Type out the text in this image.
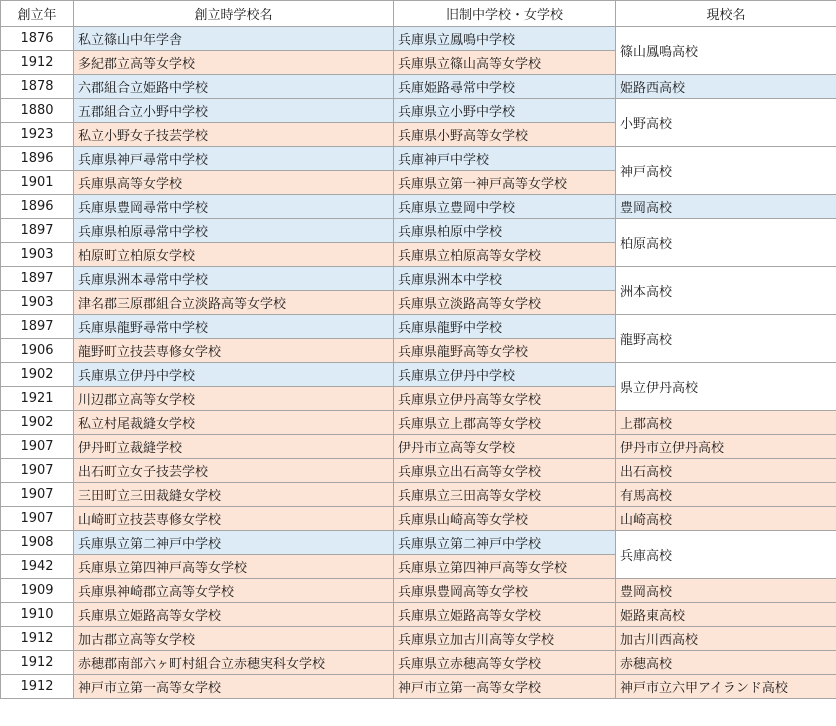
創立年	創立時学校名	旧制中学校・女学校	現校名
1876	私立篠山中年学舎	兵庫県立鳳鳴中学校	篠山鳳鳴高校
1912	多紀郡立高等女学校	兵庫県立篠山高等女学校	
1878	六郡組合立姫路中学校	兵庫姫路尋常中学校	姫路西高校
1880	五郡組合立小野中学校	兵庫県立小野中学校	小野高校
1923	私立小野女子技芸学校	兵庫県小野高等女学校	
1896	兵庫県神戸尋常中学校	兵庫神戸中学校	神戸高校
1901	兵庫県高等女学校	兵庫県立第一神戸高等女学校	
1896	兵庫県豊岡尋常中学校	兵庫県立豊岡中学校	豊岡高校
1897	兵庫県柏原尋常中学校	兵庫県柏原中学校	柏原高校
1903	柏原町立柏原女学校	兵庫県立柏原高等女学校	
1897	兵庫県洲本尋常中学校	兵庫県洲本中学校	洲本高校
1903	津名郡三原郡組合立淡路高等女学校	兵庫県立淡路高等女学校	
1897	兵庫県龍野尋常中学校	兵庫県龍野中学校	龍野高校
1906	龍野町立技芸専修女学校	兵庫県龍野高等女学校	
1902	兵庫県立伊丹中学校	兵庫県立伊丹中学校	県立伊丹高校
1921	川辺郡立高等女学校	兵庫県立伊丹高等女学校	
1902	私立村尾裁縫女学校	兵庫県立上郡高等女学校	上郡高校
1907	伊丹町立裁縫学校	伊丹市立高等女学校	伊丹市立伊丹高校
1907	出石町立女子技芸学校	兵庫県立出石高等女学校	出石高校
1907	三田町立三田裁縫女学校	兵庫県立三田高等女学校	有馬高校
1907	山崎町立技芸専修女学校	兵庫県山崎高等女学校	山崎高校
1908	兵庫県立第二神戸中学校	兵庫県立第二神戸中学校	兵庫高校
1942	兵庫県立第四神戸高等女学校	兵庫県立第四神戸高等女学校	
1909	兵庫県神崎郡立高等女学校	兵庫県豊岡高等女学校	豊岡高校
1910	兵庫県立姫路高等女学校	兵庫県立姫路高等女学校	姫路東高校
1912	加古郡立高等女学校	兵庫県立加古川高等女学校	加古川西高校
1912	赤穂郡南部六ヶ町村組合立赤穂実科女学校	兵庫県立赤穂高等女学校	赤穂高校
1912	神戸市立第一高等女学校	神戸市立第一高等女学校	神戸市立六甲アイランド高校
